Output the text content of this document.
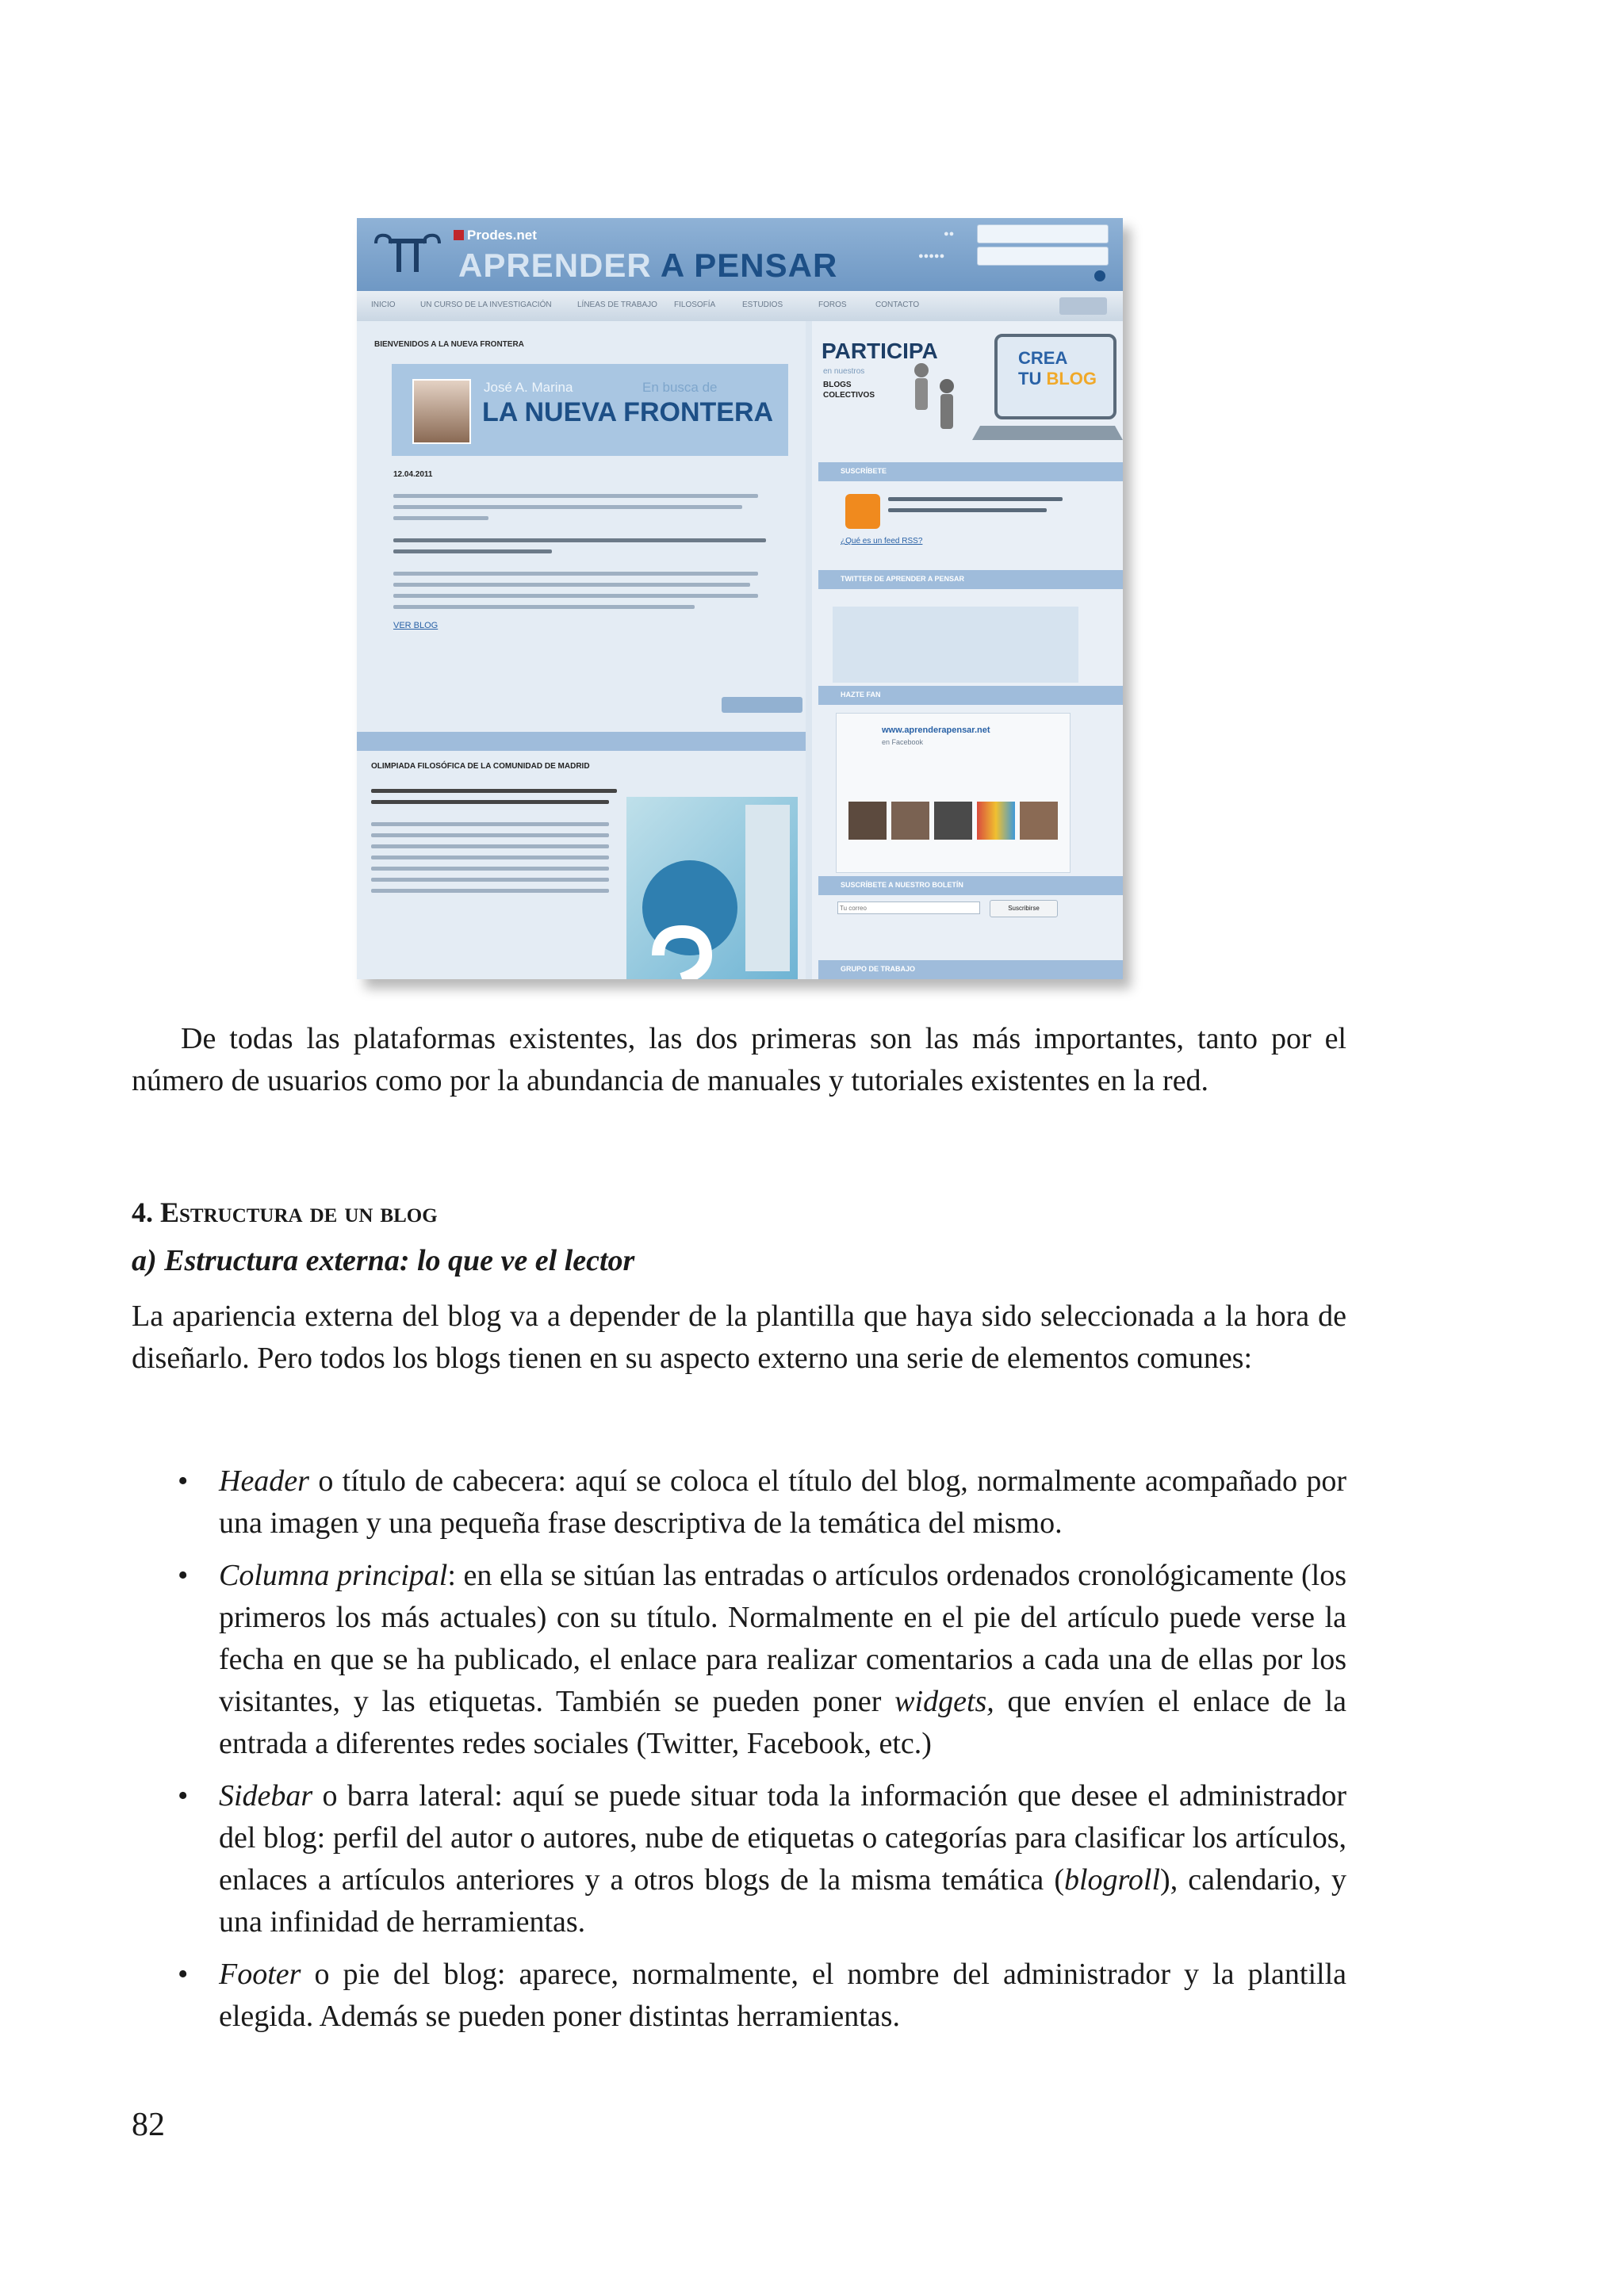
Prodes.net
APRENDER A PENSAR
●●
●●●●●
INICIO	UN CURSO DE LA INVESTIGACIÓN	LÍNEAS DE TRABAJO FILOSOFÍA	ESTUDIOS	FOROS	CONTACTO
BIENVENIDOS A LA NUEVA FRONTERA
José A. Marina	En busca de
LA NUEVA FRONTERA
12.04.2011
VER BLOG
OLIMPIADA FILOSÓFICA DE LA COMUNIDAD DE MADRID
PARTICIPA
en nuestros
BLOGS
COLECTIVOS
CREA
TU BLOG
SUSCRÍBETE
¿Qué es un feed RSS?
TWITTER DE APRENDER A PENSAR
HAZTE FAN
www.aprenderapensar.net
en Facebook
SUSCRÍBETE A NUESTRO BOLETÍN
Tu correo
Suscribirse
GRUPO DE TRABAJO

De todas las plataformas existentes, las dos primeras son las más importantes, tanto por el número de usuarios como por la abundancia de manuales y tutoriales existentes en la red.

4. Estructura de un blog
a) Estructura externa: lo que ve el lector

La apariencia externa del blog va a depender de la plantilla que haya sido seleccionada a la hora de diseñarlo. Pero todos los blogs tienen en su aspecto externo una serie de elementos comunes:

• Header o título de cabecera: aquí se coloca el título del blog, normalmente acompañado por una imagen y una pequeña frase descriptiva de la temática del mismo.
• Columna principal: en ella se sitúan las entradas o artículos ordenados cronológicamente (los primeros los más actuales) con su título. Normalmente en el pie del artículo puede verse la fecha en que se ha publicado, el enlace para realizar comentarios a cada una de ellas por los visitantes, y las etiquetas. También se pueden poner widgets, que envíen el enlace de la entrada a diferentes redes sociales (Twitter, Facebook, etc.)
• Sidebar o barra lateral: aquí se puede situar toda la información que desee el administrador del blog: perfil del autor o autores, nube de etiquetas o categorías para clasificar los artículos, enlaces a artículos anteriores y a otros blogs de la misma temática (blogroll), calendario, y una infinidad de herramientas.
• Footer o pie del blog: aparece, normalmente, el nombre del administrador y la plantilla elegida. Además se pueden poner distintas herramientas.

82
